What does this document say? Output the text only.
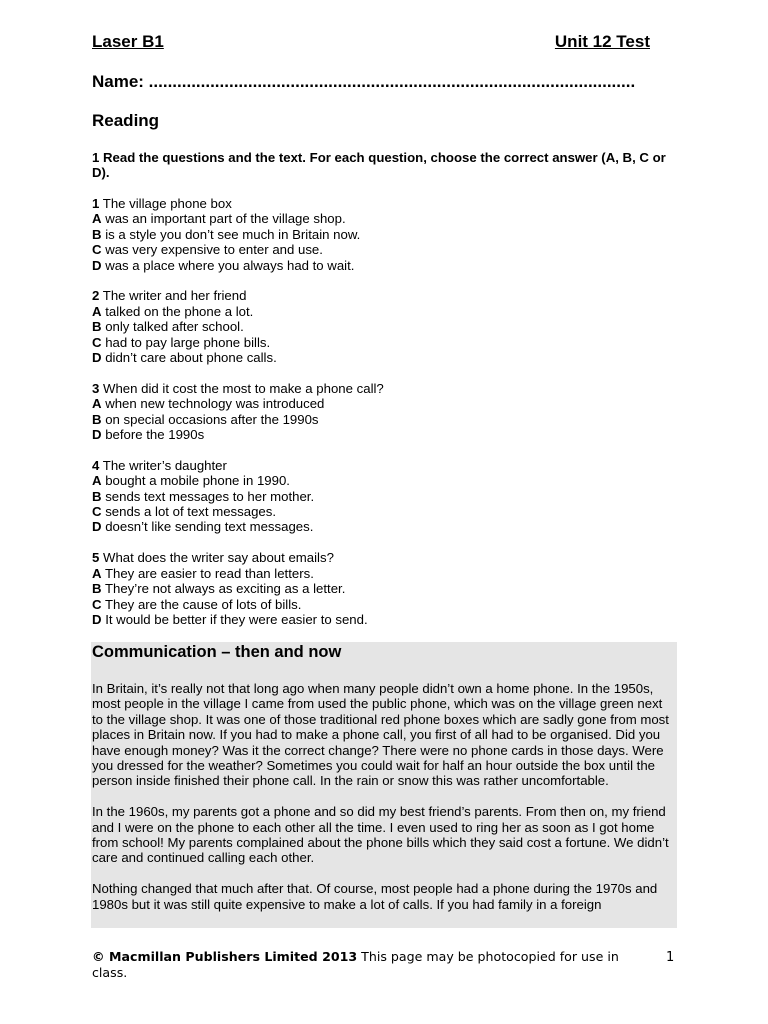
Laser B1	Unit 12 Test
Name: .......................................................................................................
Reading
1 Read the questions and the text. For each question, choose the correct answer (A, B, C or D).
1 The village phone box
A was an important part of the village shop.
B is a style you don’t see much in Britain now.
C was very expensive to enter and use.
D was a place where you always had to wait.
2 The writer and her friend
A talked on the phone a lot.
B only talked after school.
C had to pay large phone bills.
D didn’t care about phone calls.
3 When did it cost the most to make a phone call?
A when new technology was introduced
B on special occasions after the 1990s
D before the 1990s
4 The writer’s daughter
A bought a mobile phone in 1990.
B sends text messages to her mother.
C sends a lot of text messages.
D doesn’t like sending text messages.
5 What does the writer say about emails?
A They are easier to read than letters.
B They’re not always as exciting as a letter.
C They are the cause of lots of bills.
D It would be better if they were easier to send.
Communication – then and now

In Britain, it’s really not that long ago when many people didn’t own a home phone. In the 1950s, most people in the village I came from used the public phone, which was on the village green next to the village shop. It was one of those traditional red phone boxes which are sadly gone from most places in Britain now. If you had to make a phone call, you first of all had to be organised. Did you have enough money? Was it the correct change? There were no phone cards in those days. Were you dressed for the weather? Sometimes you could wait for half an hour outside the box until the person inside finished their phone call. In the rain or snow this was rather uncomfortable.

In the 1960s, my parents got a phone and so did my best friend’s parents. From then on, my friend and I were on the phone to each other all the time. I even used to ring her as soon as I got home from school! My parents complained about the phone bills which they said cost a fortune. We didn’t care and continued calling each other.

Nothing changed that much after that. Of course, most people had a phone during the 1970s and 1980s but it was still quite expensive to make a lot of calls. If you had family in a foreign

© Macmillan Publishers Limited 2013 This page may be photocopied for use in class.
1
